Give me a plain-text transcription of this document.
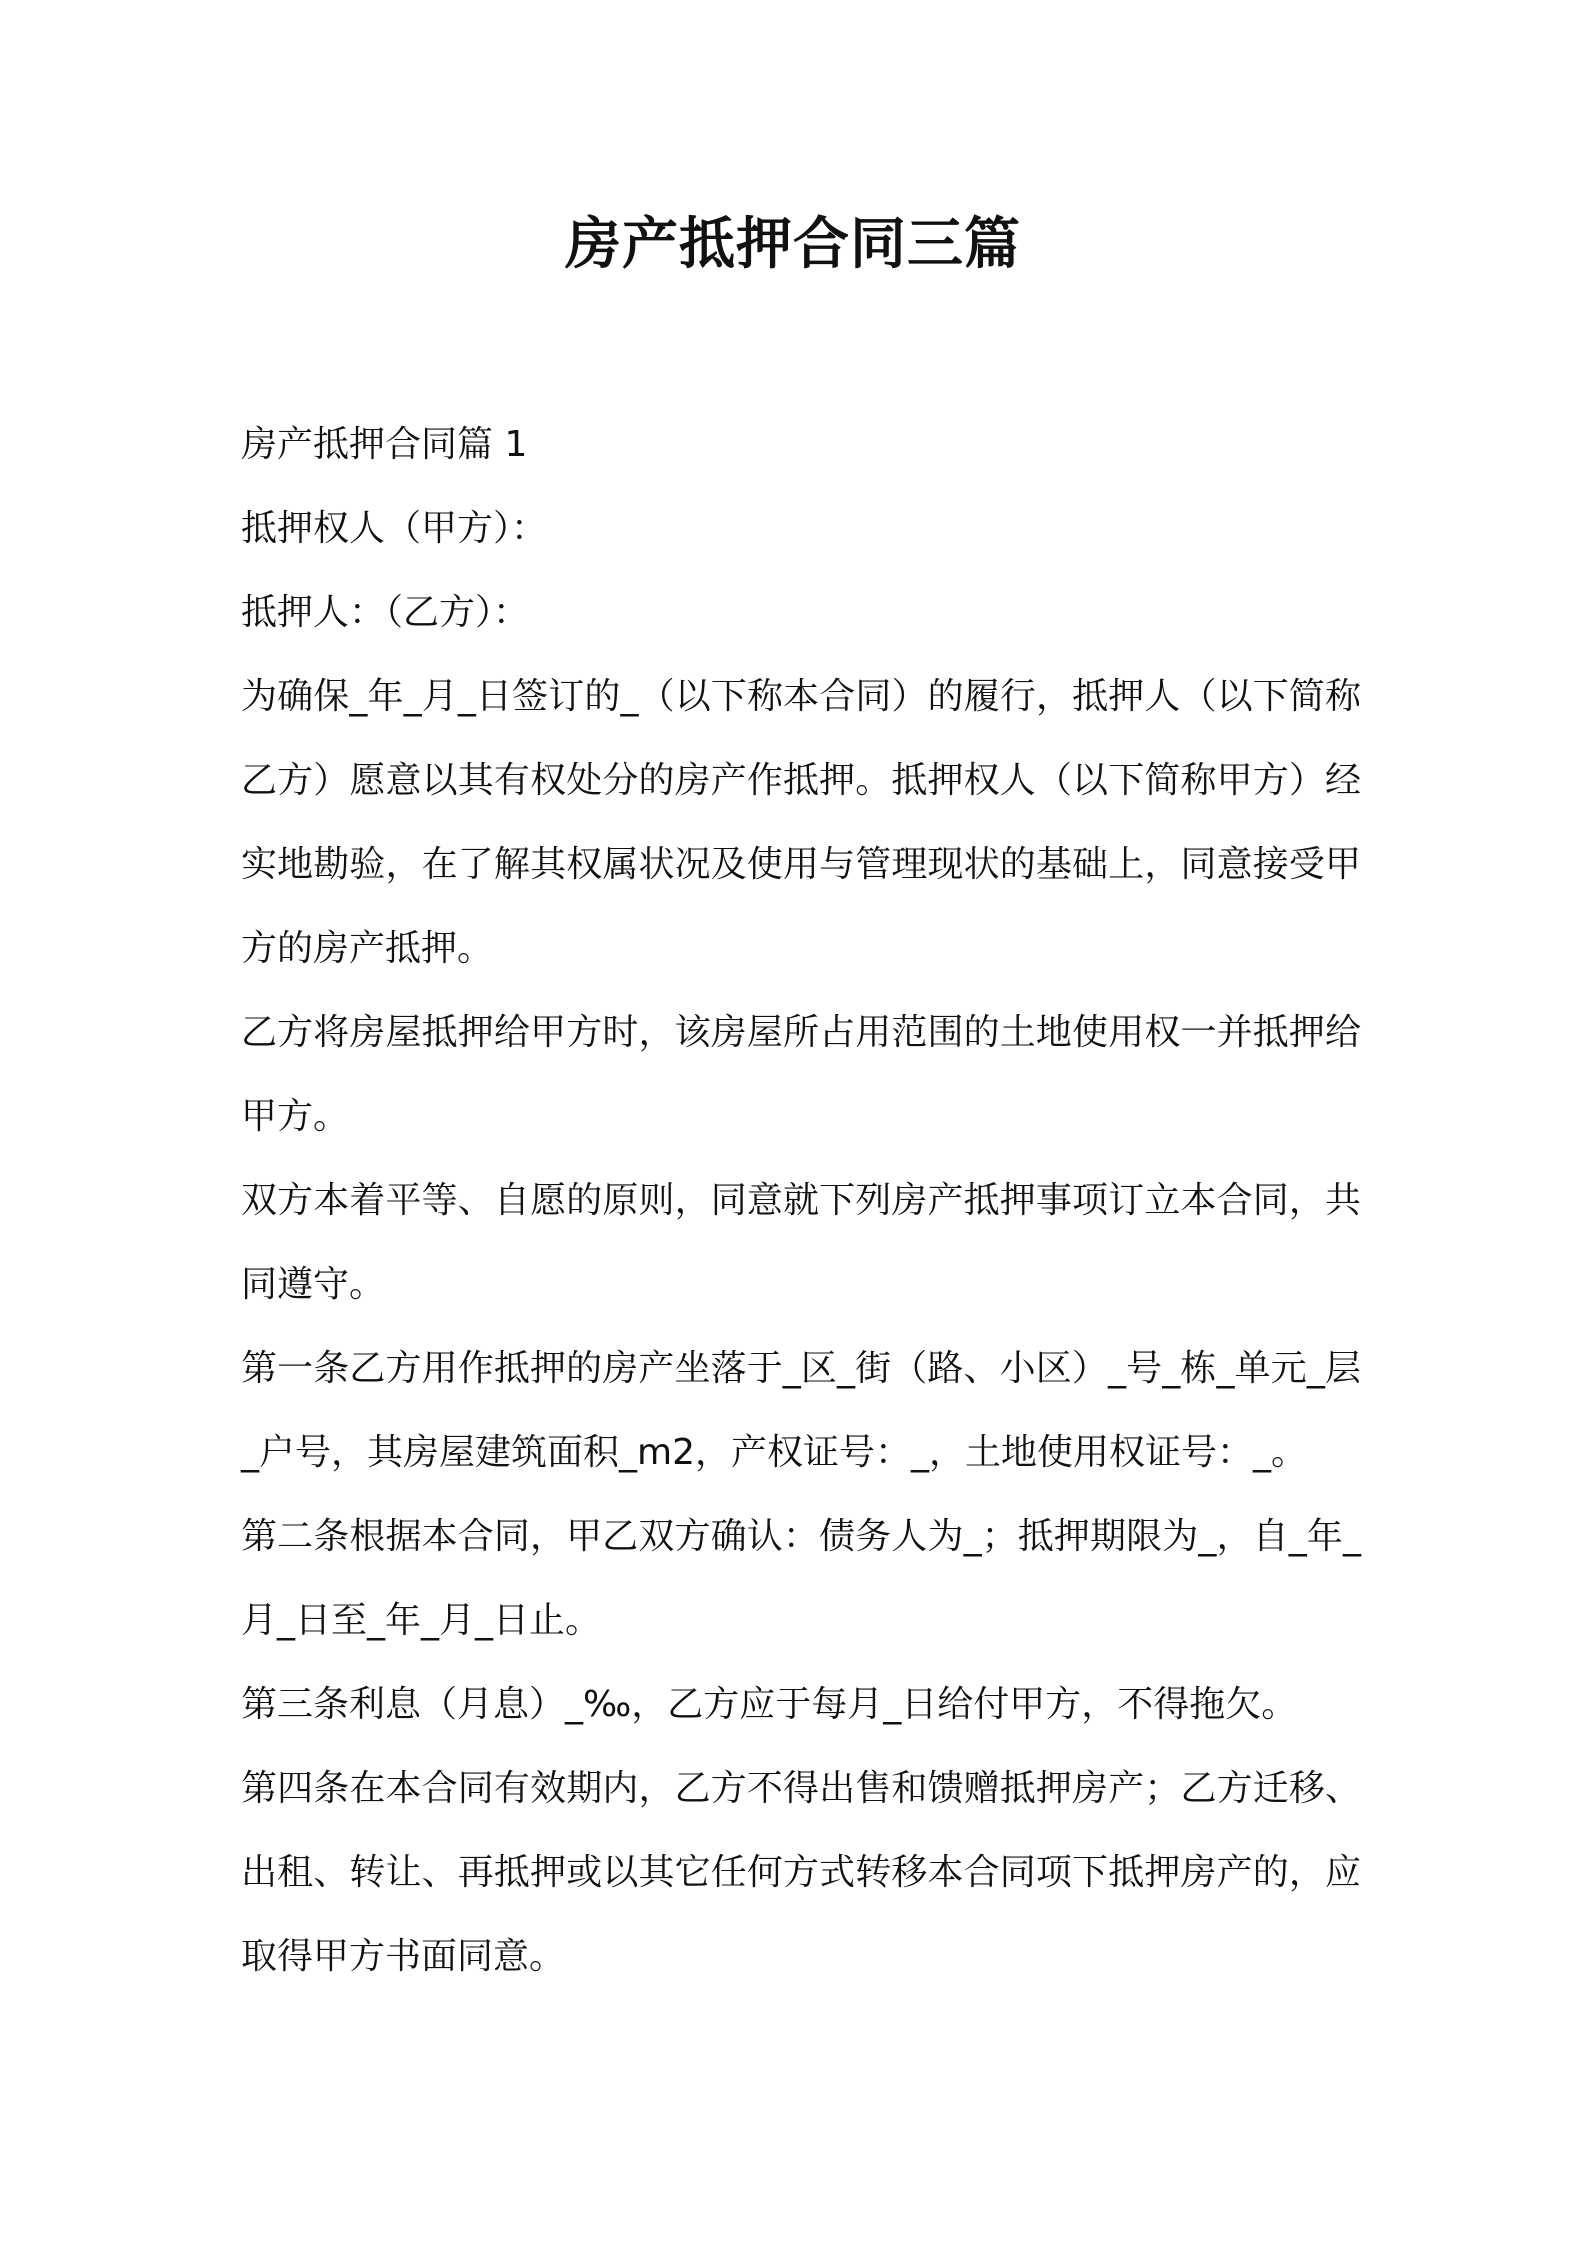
房产抵押合同三篇

房产抵押合同篇 1

抵押权人（甲方）：

抵押人：（乙方）：

为确保_年_月_日签订的_（以下称本合同）的履行，抵押人（以下简称乙方）愿意以其有权处分的房产作抵押。抵押权人（以下简称甲方）经实地勘验，在了解其权属状况及使用与管理现状的基础上，同意接受甲方的房产抵押。

乙方将房屋抵押给甲方时，该房屋所占用范围的土地使用权一并抵押给甲方。

双方本着平等、自愿的原则，同意就下列房产抵押事项订立本合同，共同遵守。

第一条乙方用作抵押的房产坐落于_区_街（路、小区）_号_栋_单元_层_户号，其房屋建筑面积_m2，产权证号：_，土地使用权证号：_。

第二条根据本合同，甲乙双方确认：债务人为_；抵押期限为_，自_年_月_日至_年_月_日止。

第三条利息（月息）_‰，乙方应于每月_日给付甲方，不得拖欠。

第四条在本合同有效期内，乙方不得出售和馈赠抵押房产；乙方迁移、出租、转让、再抵押或以其它任何方式转移本合同项下抵押房产的，应取得甲方书面同意。
